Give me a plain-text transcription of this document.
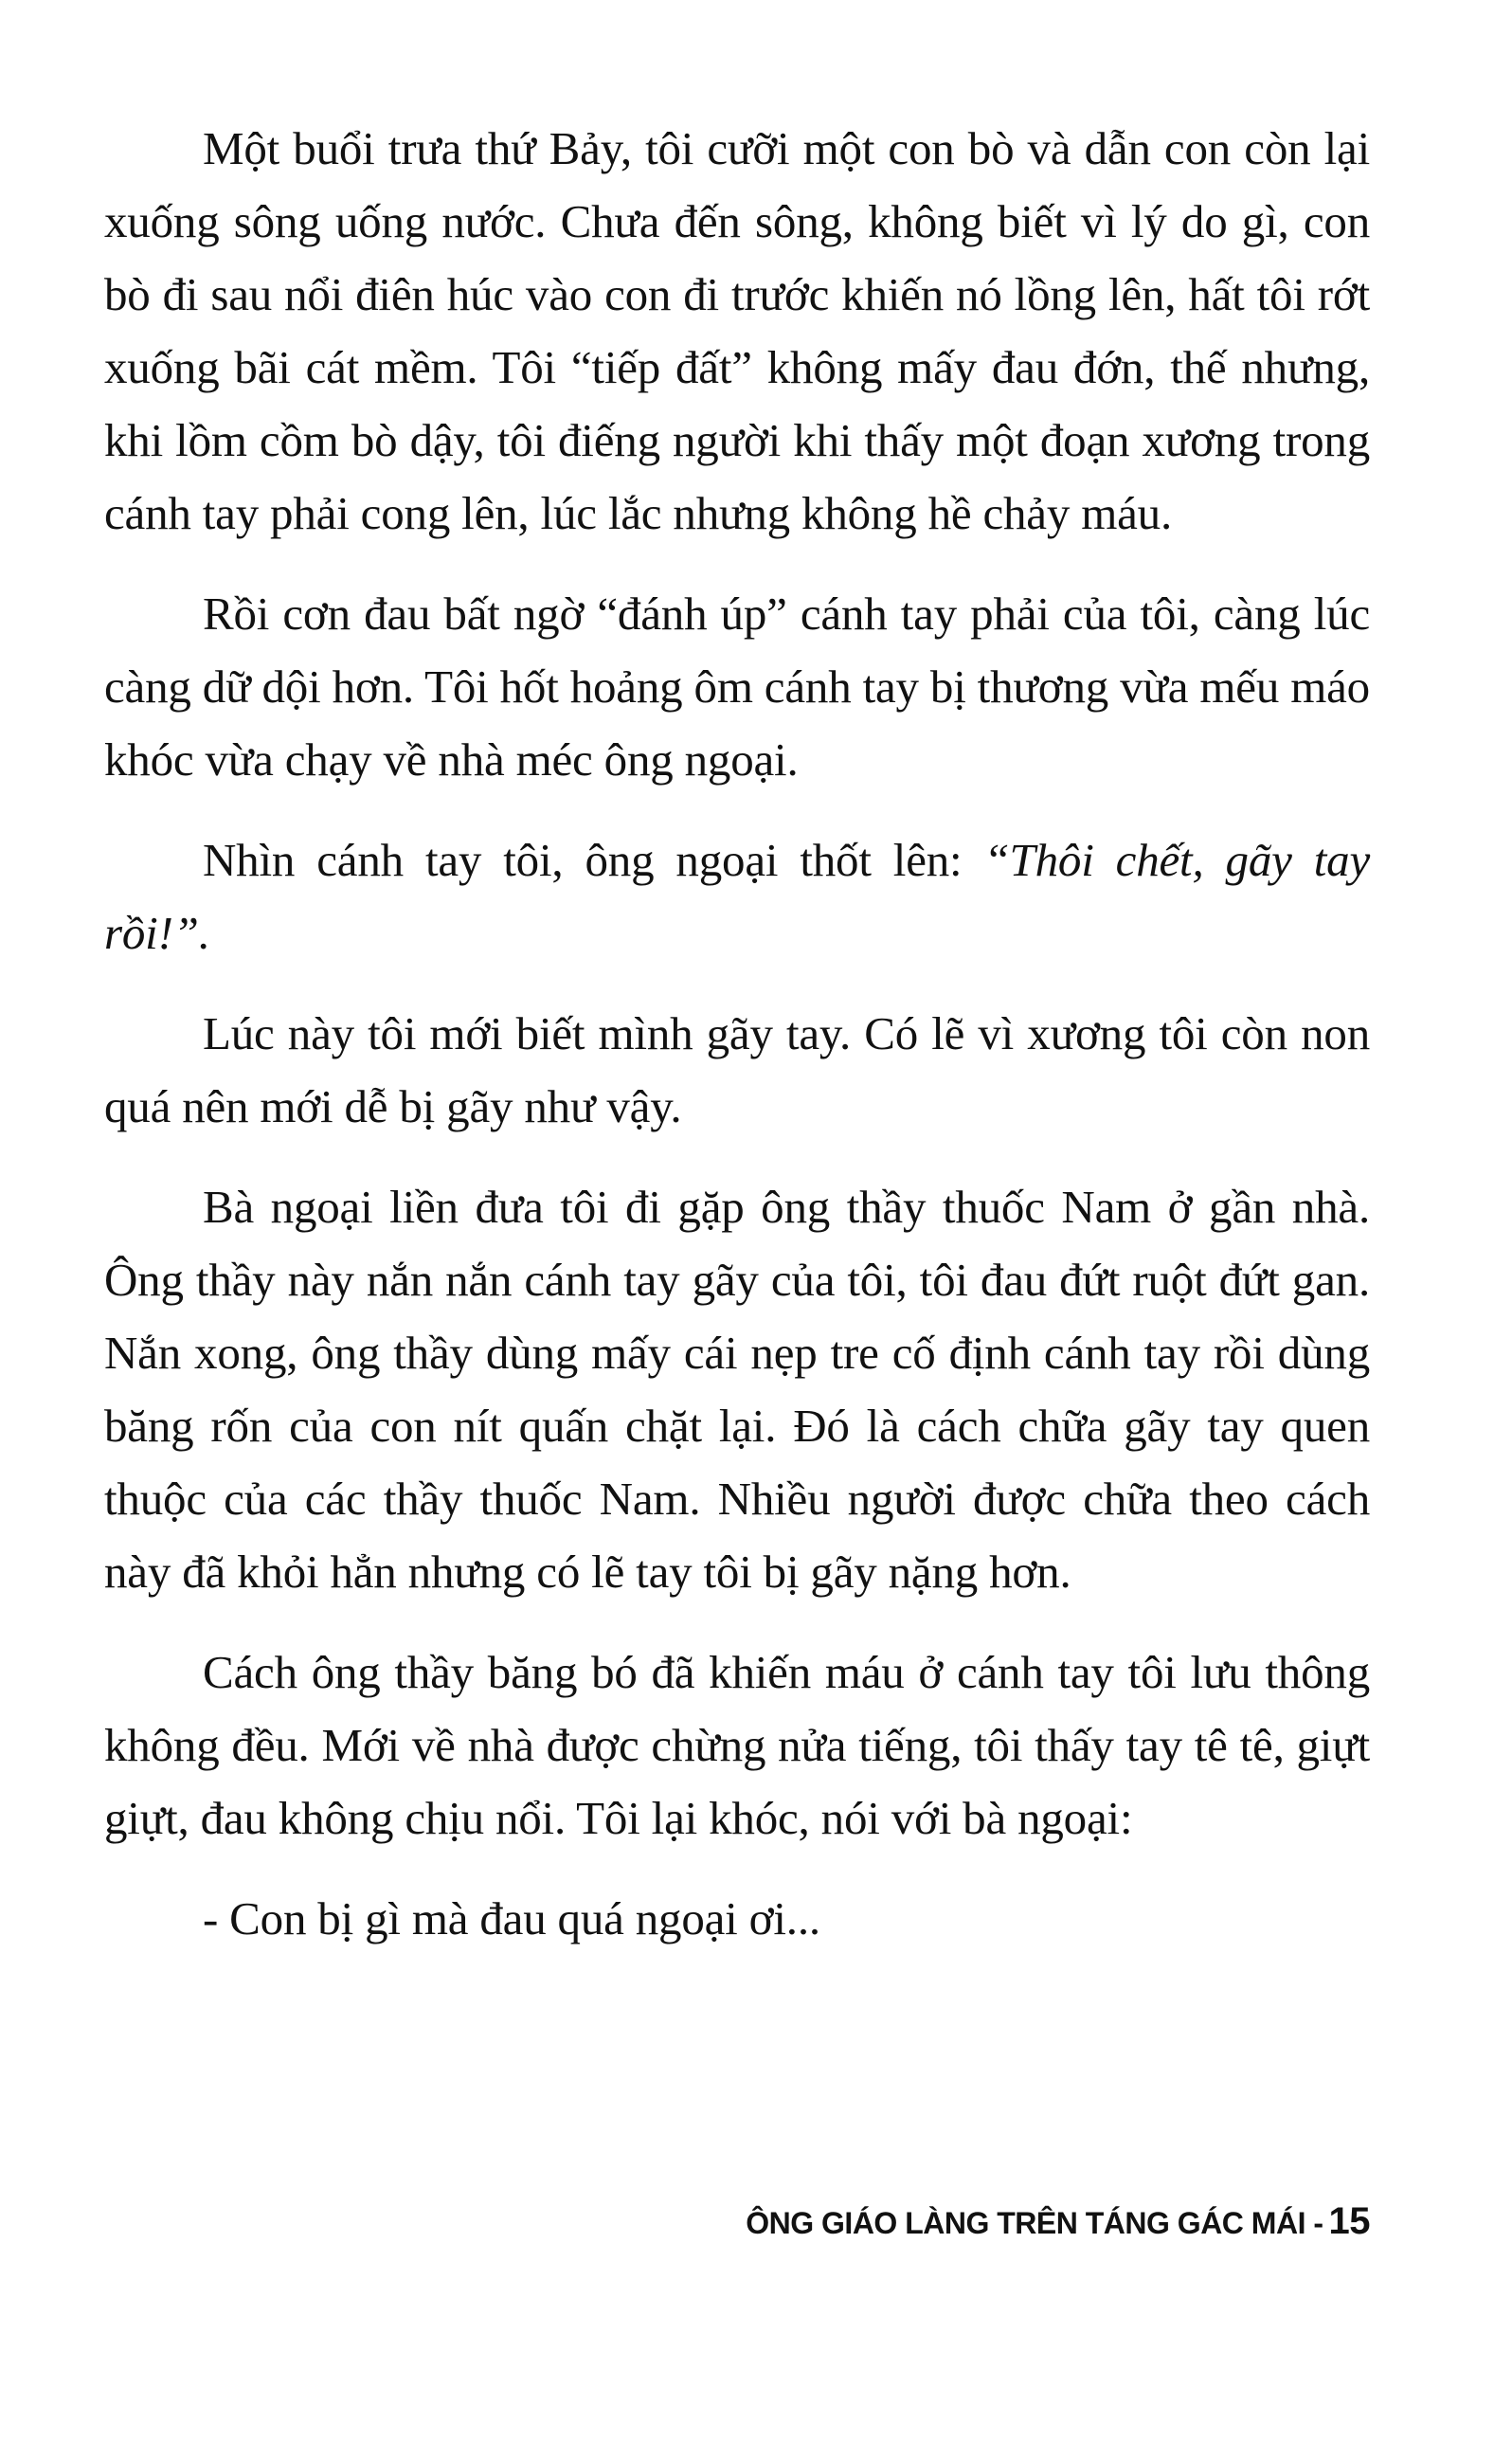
Một buổi trưa thứ Bảy, tôi cưỡi một con bò và dẫn con còn lại xuống sông uống nước. Chưa đến sông, không biết vì lý do gì, con bò đi sau nổi điên húc vào con đi trước khiến nó lồng lên, hất tôi rớt xuống bãi cát mềm. Tôi “tiếp đất” không mấy đau đớn, thế nhưng, khi lồm cồm bò dậy, tôi điếng người khi thấy một đoạn xương trong cánh tay phải cong lên, lúc lắc nhưng không hề chảy máu.

Rồi cơn đau bất ngờ “đánh úp” cánh tay phải của tôi, càng lúc càng dữ dội hơn. Tôi hốt hoảng ôm cánh tay bị thương vừa mếu máo khóc vừa chạy về nhà méc ông ngoại.

Nhìn cánh tay tôi, ông ngoại thốt lên: “Thôi chết, gãy tay rồi!”.

Lúc này tôi mới biết mình gãy tay. Có lẽ vì xương tôi còn non quá nên mới dễ bị gãy như vậy.

Bà ngoại liền đưa tôi đi gặp ông thầy thuốc Nam ở gần nhà. Ông thầy này nắn nắn cánh tay gãy của tôi, tôi đau đứt ruột đứt gan. Nắn xong, ông thầy dùng mấy cái nẹp tre cố định cánh tay rồi dùng băng rốn của con nít quấn chặt lại. Đó là cách chữa gãy tay quen thuộc của các thầy thuốc Nam. Nhiều người được chữa theo cách này đã khỏi hẳn nhưng có lẽ tay tôi bị gãy nặng hơn.

Cách ông thầy băng bó đã khiến máu ở cánh tay tôi lưu thông không đều. Mới về nhà được chừng nửa tiếng, tôi thấy tay tê tê, giựt giựt, đau không chịu nổi. Tôi lại khóc, nói với bà ngoại:

- Con bị gì mà đau quá ngoại ơi...

ÔNG GIÁO LÀNG TRÊN TÁNG GÁC MÁI - 15
